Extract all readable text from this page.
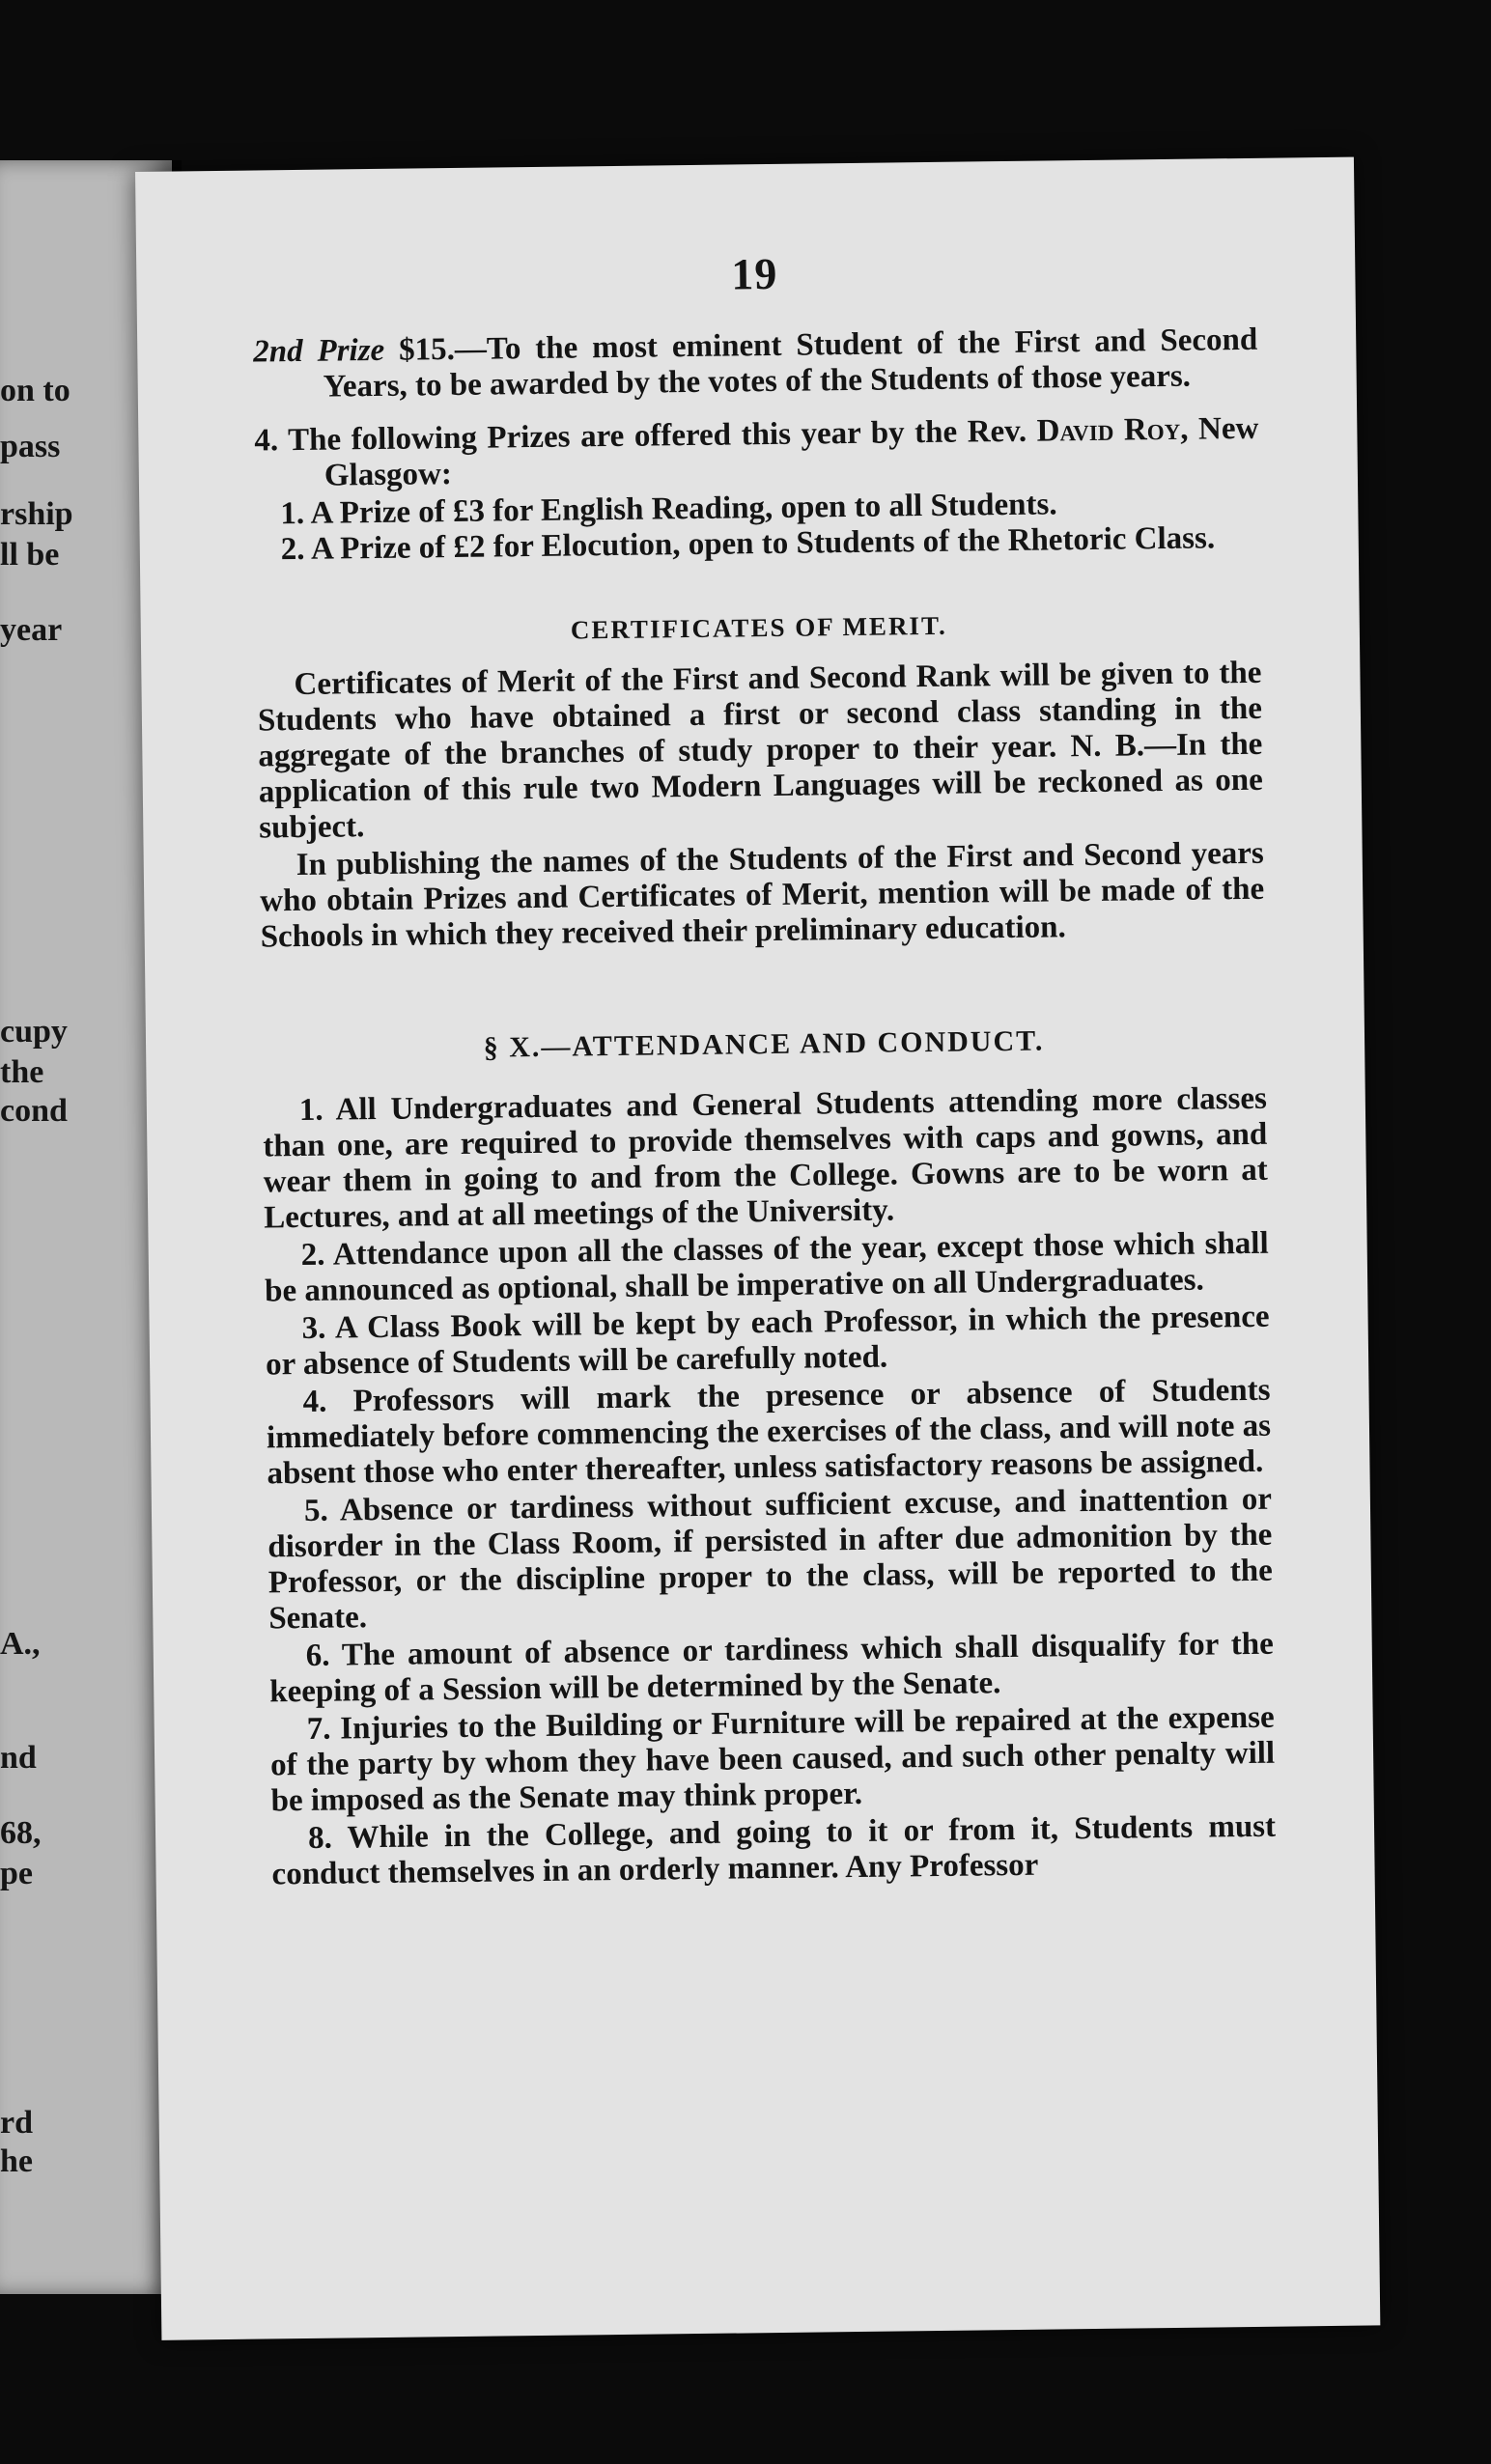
on to
pass
rship
ll be
year
cupy
the
cond
A.,
nd
68,
pe
rd
he
19

2nd Prize $15.—To the most eminent Student of the First and Second Years, to be awarded by the votes of the Students of those years.

4. The following Prizes are offered this year by the Rev. David Roy, New Glasgow:

1. A Prize of £3 for English Reading, open to all Students.

2. A Prize of £2 for Elocution, open to Students of the Rhetoric Class.

CERTIFICATES OF MERIT.

Certificates of Merit of the First and Second Rank will be given to the Students who have obtained a first or second class standing in the aggregate of the branches of study proper to their year. N. B.—In the application of this rule two Modern Languages will be reckoned as one subject.

In publishing the names of the Students of the First and Second years who obtain Prizes and Certificates of Merit, mention will be made of the Schools in which they received their preliminary education.

§ X.—ATTENDANCE AND CONDUCT.

1. All Undergraduates and General Students attending more classes than one, are required to provide themselves with caps and gowns, and wear them in going to and from the College. Gowns are to be worn at Lectures, and at all meetings of the University.

2. Attendance upon all the classes of the year, except those which shall be announced as optional, shall be imperative on all Undergraduates.

3. A Class Book will be kept by each Professor, in which the presence or absence of Students will be carefully noted.

4. Professors will mark the presence or absence of Students immediately before commencing the exercises of the class, and will note as absent those who enter thereafter, unless satisfactory reasons be assigned.

5. Absence or tardiness without sufficient excuse, and inattention or disorder in the Class Room, if persisted in after due admonition by the Professor, or the discipline proper to the class, will be reported to the Senate.

6. The amount of absence or tardiness which shall disqualify for the keeping of a Session will be determined by the Senate.

7. Injuries to the Building or Furniture will be repaired at the expense of the party by whom they have been caused, and such other penalty will be imposed as the Senate may think proper.

8. While in the College, and going to it or from it, Students must conduct themselves in an orderly manner. Any Professor
